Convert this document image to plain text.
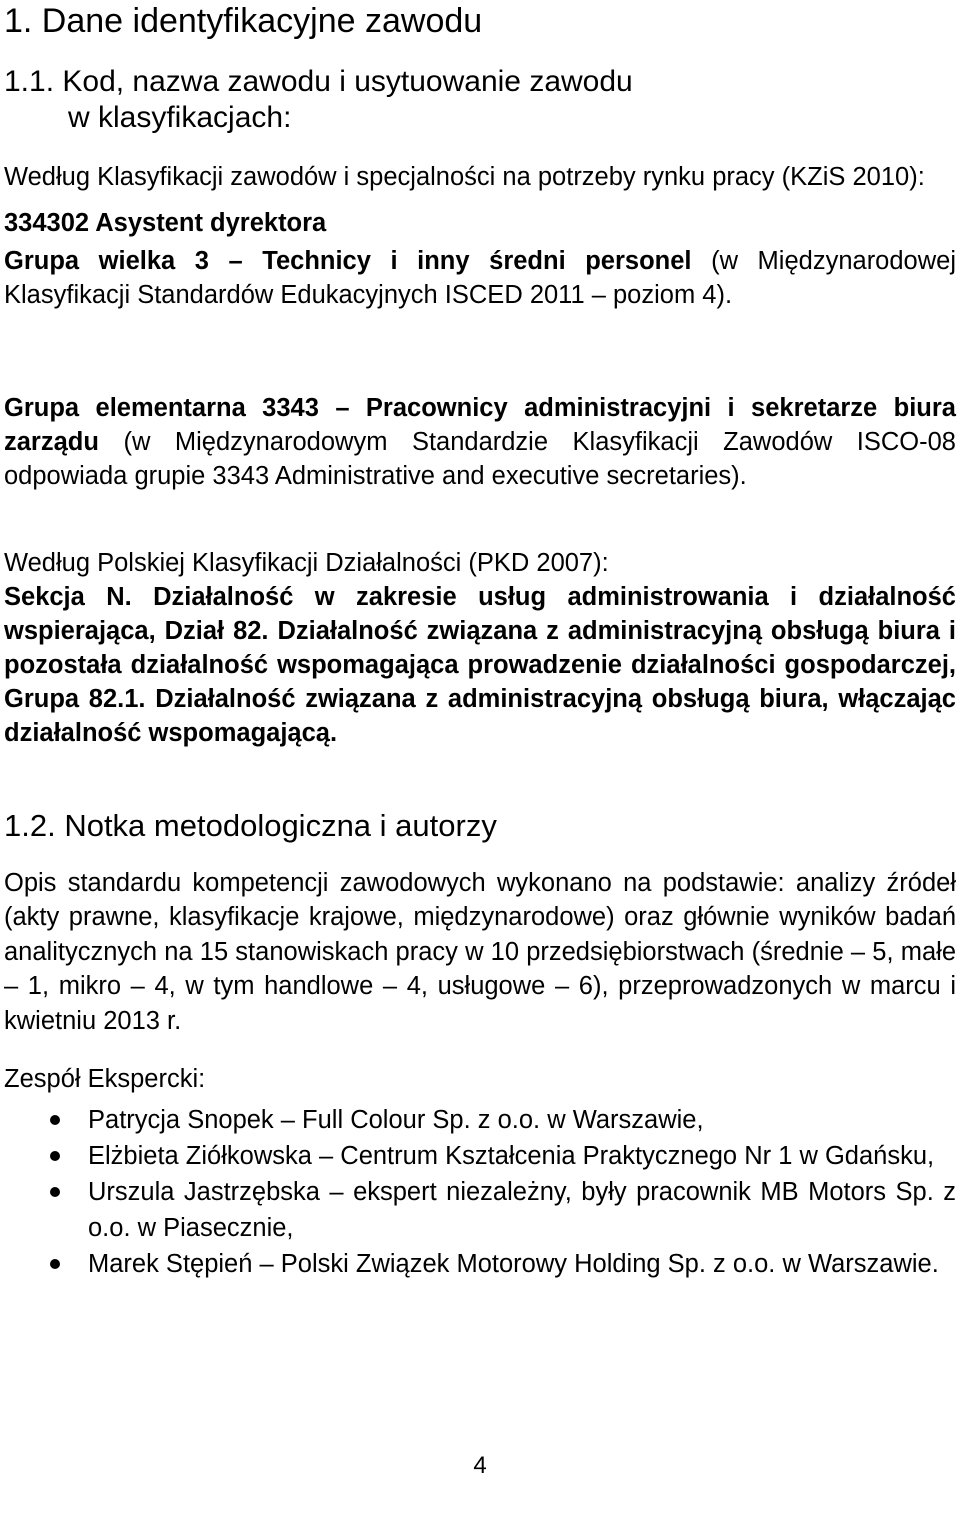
1. Dane identyfikacyjne zawodu
1.1. Kod, nazwa zawodu i usytuowanie zawodu
w klasyfikacjach:

Według Klasyfikacji zawodów i specjalności na potrzeby rynku pracy (KZiS 2010):

334302 Asystent dyrektora

Grupa wielka 3 – Technicy i inny średni personel (w Międzynarodowej Klasyfikacji Standardów Edukacyjnych ISCED 2011 – poziom 4).

Grupa elementarna 3343 – Pracownicy administracyjni i sekretarze biura zarządu (w Międzynarodowym Standardzie Klasyfikacji Zawodów ISCO-08 odpowiada grupie 3343 Administrative and executive secretaries).

Według Polskiej Klasyfikacji Działalności (PKD 2007):

Sekcja N. Działalność w zakresie usług administrowania i działalność wspierająca, Dział 82. Działalność związana z administracyjną obsługą biura i pozostała działalność wspomagająca prowadzenie działalności gospodarczej, Grupa 82.1. Działalność związana z administracyjną obsługą biura, włączając działalność wspomagającą.

1.2. Notka metodologiczna i autorzy
Opis standardu kompetencji zawodowych wykonano na podstawie: analizy źródeł (akty prawne, klasyfikacje krajowe, międzynarodowe) oraz głównie wyników badań analitycznych na 15 stanowiskach pracy w 10 przedsiębiorstwach (średnie – 5, małe – 1, mikro – 4, w tym handlowe – 4, usługowe – 6), przeprowadzonych w marcu i kwietniu 2013 r.

Zespół Ekspercki:

Patrycja Snopek – Full Colour Sp. z o.o. w Warszawie,
Elżbieta Ziółkowska – Centrum Kształcenia Praktycznego Nr 1 w Gdańsku,
Urszula Jastrzębska – ekspert niezależny, były pracownik MB Motors Sp. z o.o. w Piasecznie,
Marek Stępień – Polski Związek Motorowy Holding Sp. z o.o. w Warszawie.
4
